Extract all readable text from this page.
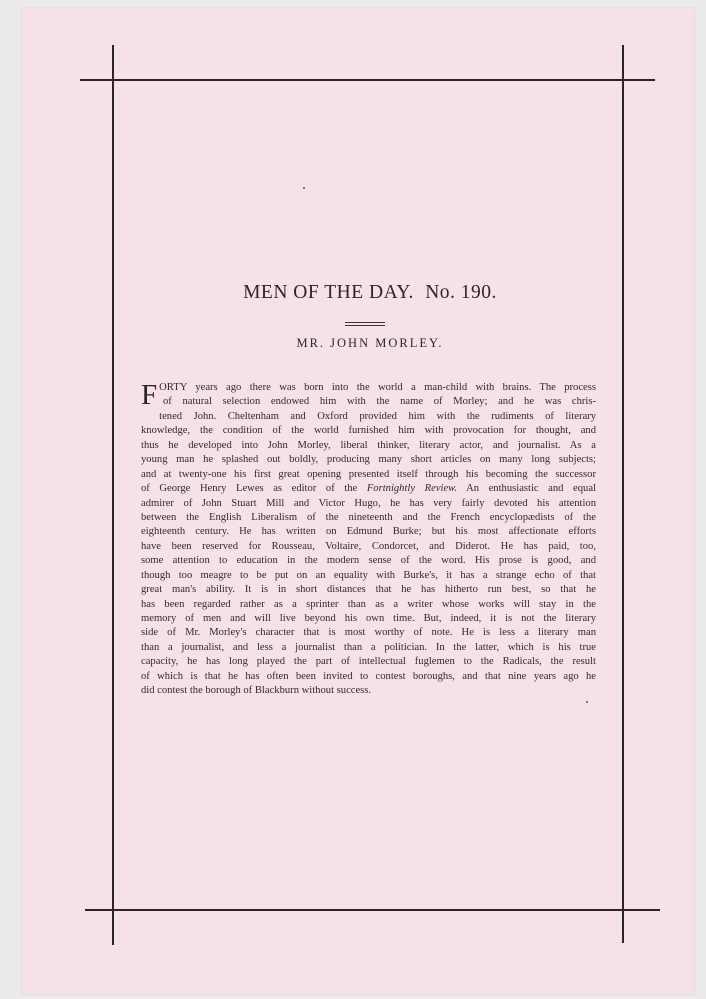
MEN OF THE DAY. No. 190.
MR. JOHN MORLEY.
F ORTY years ago there was born into the world a man-child with brains. The process
of natural selection endowed him with the name of Morley; and he was chris-
tened John. Cheltenham and Oxford provided him with the rudiments of literary
knowledge, the condition of the world furnished him with provocation for thought, and
thus he developed into John Morley, liberal thinker, literary actor, and journalist. As a
young man he splashed out boldly, producing many short articles on many long subjects;
and at twenty-one his first great opening presented itself through his becoming the successor
of George Henry Lewes as editor of the Fortnightly Review. An enthusiastic and equal
admirer of John Stuart Mill and Victor Hugo, he has very fairly devoted his attention
between the English Liberalism of the nineteenth and the French encyclopædists of the
eighteenth century. He has written on Edmund Burke; but his most affectionate efforts
have been reserved for Rousseau, Voltaire, Condorcet, and Diderot. He has paid, too,
some attention to education in the modern sense of the word. His prose is good, and
though too meagre to be put on an equality with Burke's, it has a strange echo of that
great man's ability. It is in short distances that he has hitherto run best, so that he
has been regarded rather as a sprinter than as a writer whose works will stay in the
memory of men and will live beyond his own time. But, indeed, it is not the literary
side of Mr. Morley's character that is most worthy of note. He is less a literary man
than a journalist, and less a journalist than a politician. In the latter, which is his true
capacity, he has long played the part of intellectual fuglemen to the Radicals, the result
of which is that he has often been invited to contest boroughs, and that nine years ago he
did contest the borough of Blackburn without success.
